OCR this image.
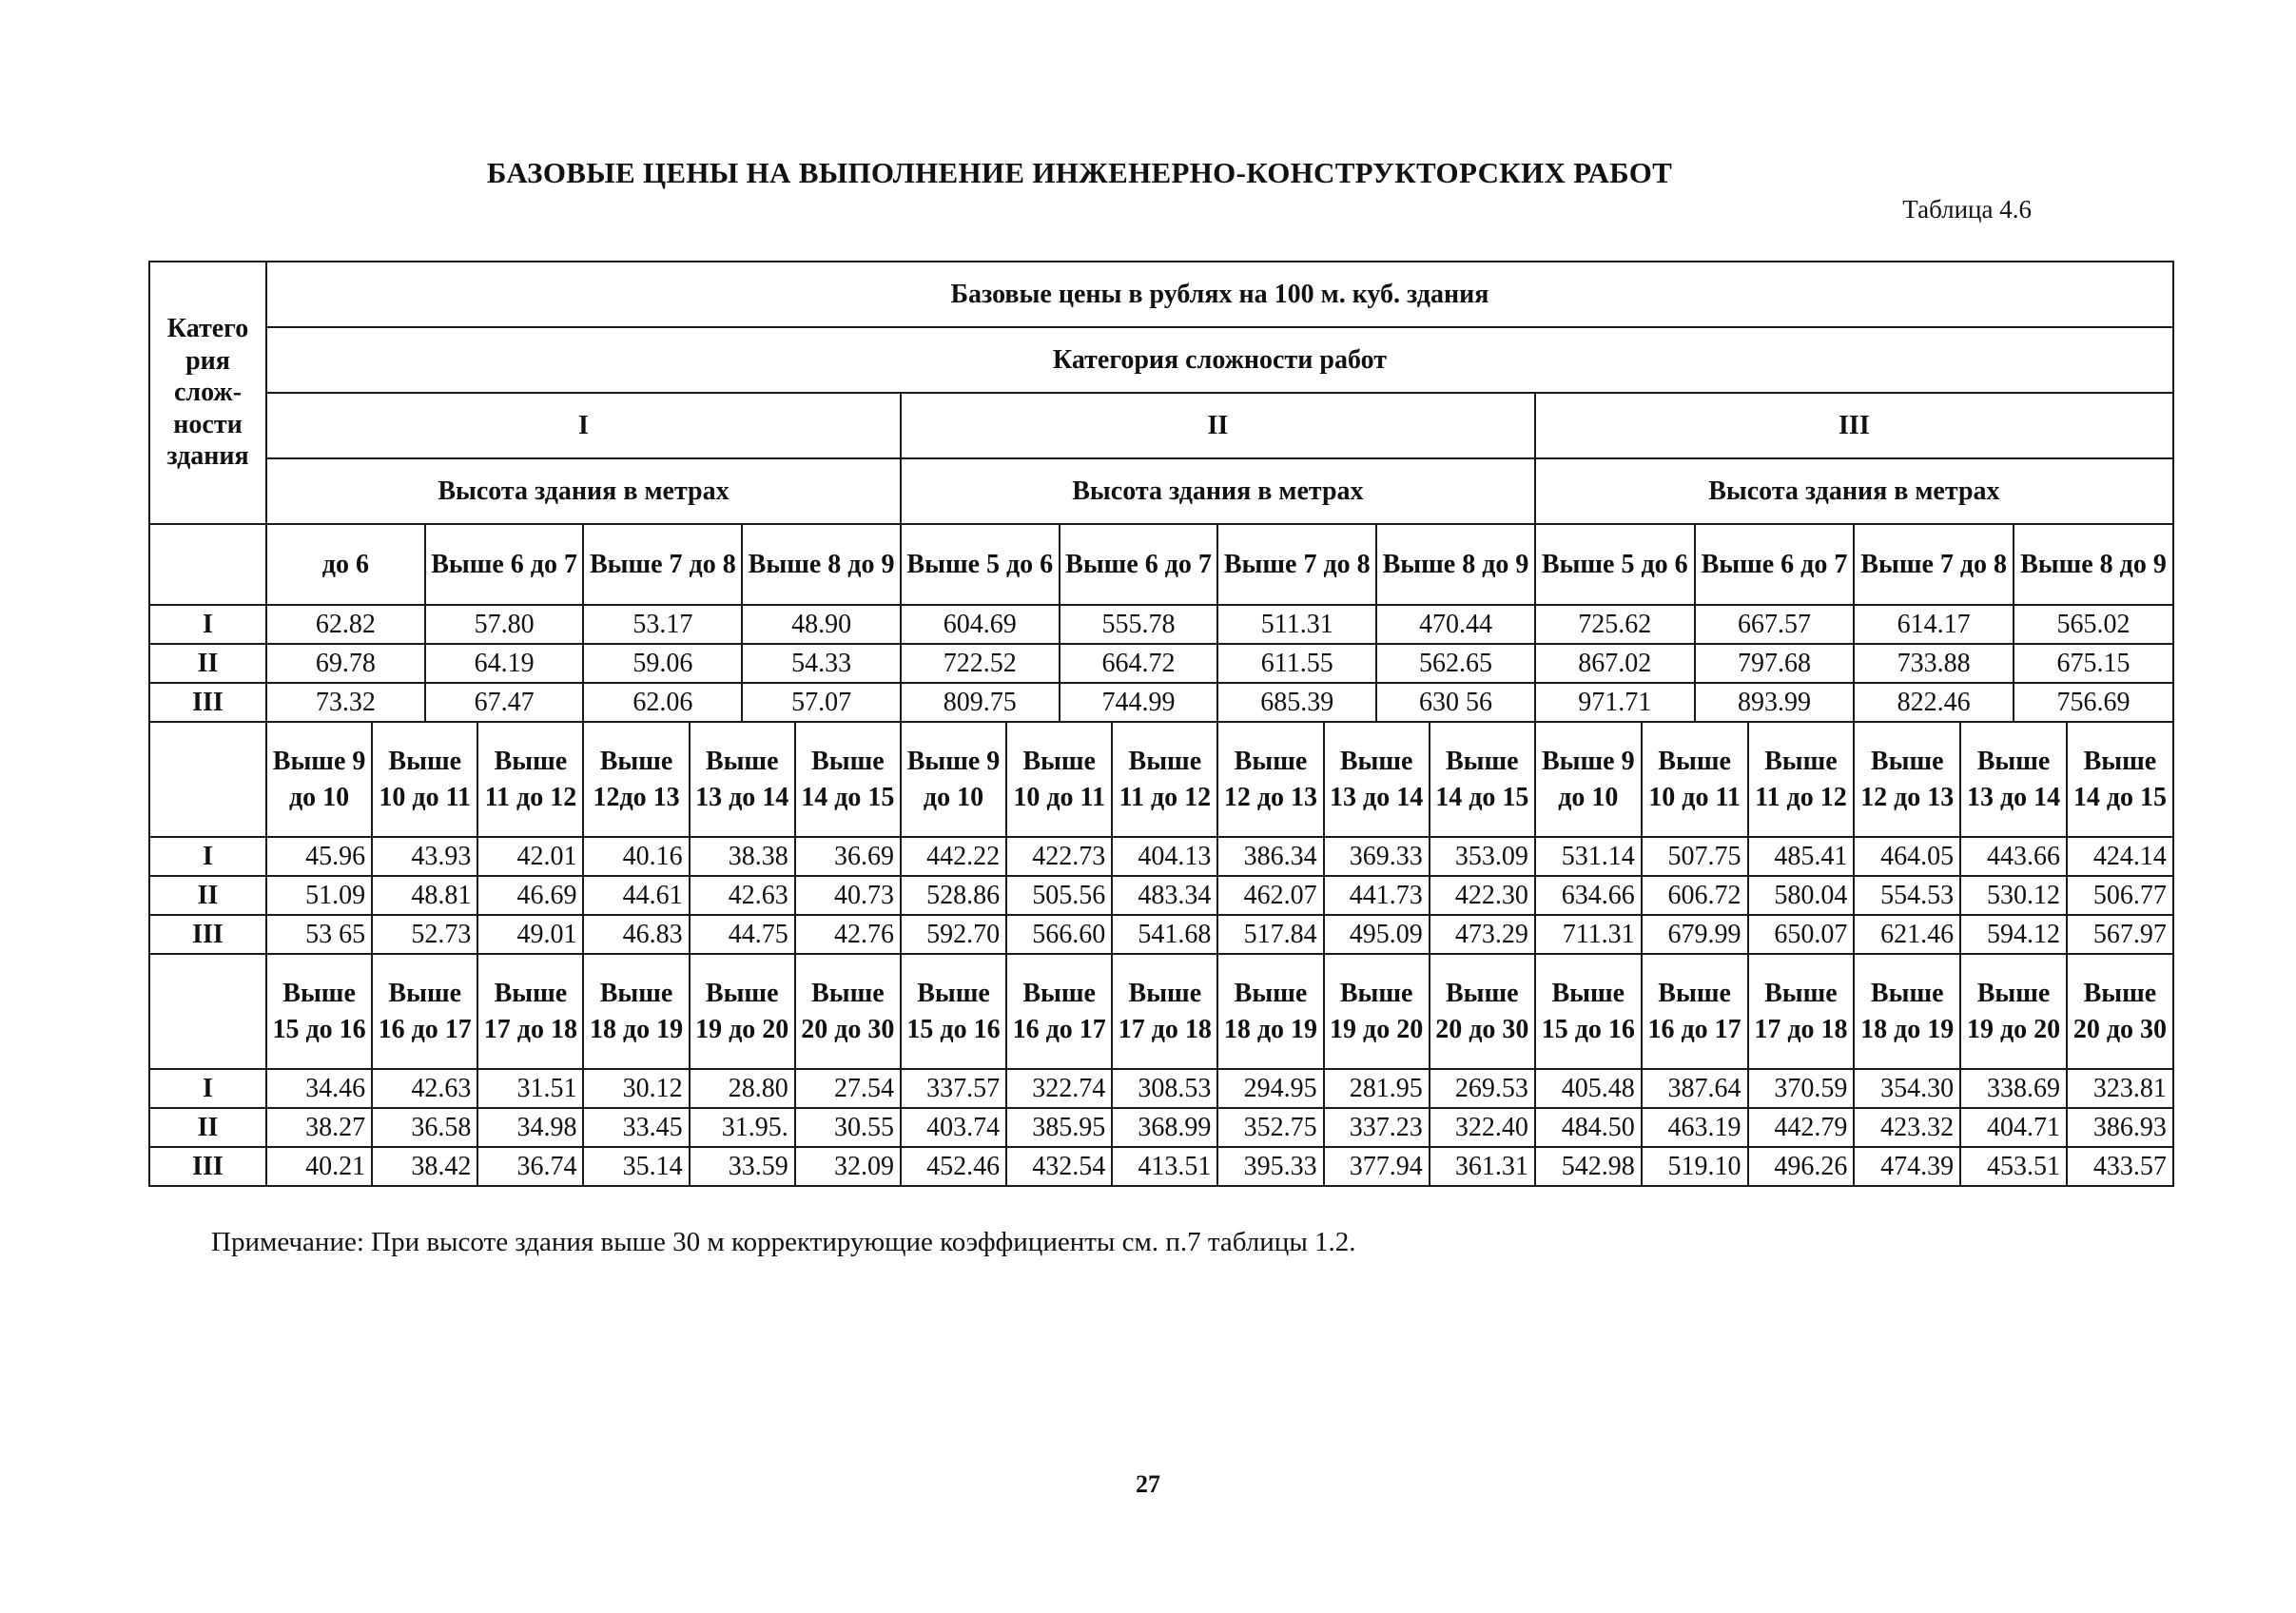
БАЗОВЫЕ ЦЕНЫ НА ВЫПОЛНЕНИЕ ИНЖЕНЕРНО-КОНСТРУКТОРСКИХ РАБОТ
Таблица 4.6
Катего рия слож- ности здания	Базовые цены в рублях на 100 м. куб. здания																							
	Категория сложности работ																							
	I								II								III							
	Высота здания в метрах								Высота здания в метрах								Высота здания в метрах							
	до 6		Выше 6 до 7		Выше 7 до 8		Выше 8 до 9		Выше 5 до 6		Выше 6 до 7		Выше 7 до 8		Выше 8 до 9		Выше 5 до 6		Выше 6 до 7		Выше 7 до 8		Выше 8 до 9	
I	62.82		57.80		53.17		48.90		604.69		555.78		511.31		470.44		725.62		667.57		614.17		565.02	
II	69.78		64.19		59.06		54.33		722.52		664.72		611.55		562.65		867.02		797.68		733.88		675.15	
III	73.32		67.47		62.06		57.07		809.75		744.99		685.39		630 56		971.71		893.99		822.46		756.69	
	Выше 9 до 10	Выше 10 до 11		Выше 11 до 12	Выше 12до 13	Выше 13 до 14		Выше 14 до 15	Выше 9 до 10	Выше 10 до 11		Выше 11 до 12	Выше 12 до 13	Выше 13 до 14		Выше 14 до 15	Выше 9 до 10	Выше 10 до 11		Выше 11 до 12	Выше 12 до 13	Выше 13 до 14		Выше 14 до 15
I	45.96	43.93		42.01	40.16	38.38		36.69	442.22	422.73		404.13	386.34	369.33		353.09	531.14	507.75		485.41	464.05	443.66		424.14
II	51.09	48.81		46.69	44.61	42.63		40.73	528.86	505.56		483.34	462.07	441.73		422.30	634.66	606.72		580.04	554.53	530.12		506.77
III	53 65	52.73		49.01	46.83	44.75		42.76	592.70	566.60		541.68	517.84	495.09		473.29	711.31	679.99		650.07	621.46	594.12		567.97
	Выше 15 до 16	Выше 16 до 17		Выше 17 до 18	Выше 18 до 19	Выше 19 до 20		Выше 20 до 30	Выше 15 до 16	Выше 16 до 17		Выше 17 до 18	Выше 18 до 19	Выше 19 до 20		Выше 20 до 30	Выше 15 до 16	Выше 16 до 17		Выше 17 до 18	Выше 18 до 19	Выше 19 до 20		Выше 20 до 30
I	34.46	42.63		31.51	30.12	28.80		27.54	337.57	322.74		308.53	294.95	281.95		269.53	405.48	387.64		370.59	354.30	338.69		323.81
II	38.27	36.58		34.98	33.45	31.95.		30.55	403.74	385.95		368.99	352.75	337.23		322.40	484.50	463.19		442.79	423.32	404.71		386.93
III	40.21	38.42		36.74	35.14	33.59		32.09	452.46	432.54		413.51	395.33	377.94		361.31	542.98	519.10		496.26	474.39	453.51		433.57
Примечание: При высоте здания выше 30 м корректирующие коэффициенты см. п.7 таблицы 1.2.
27
